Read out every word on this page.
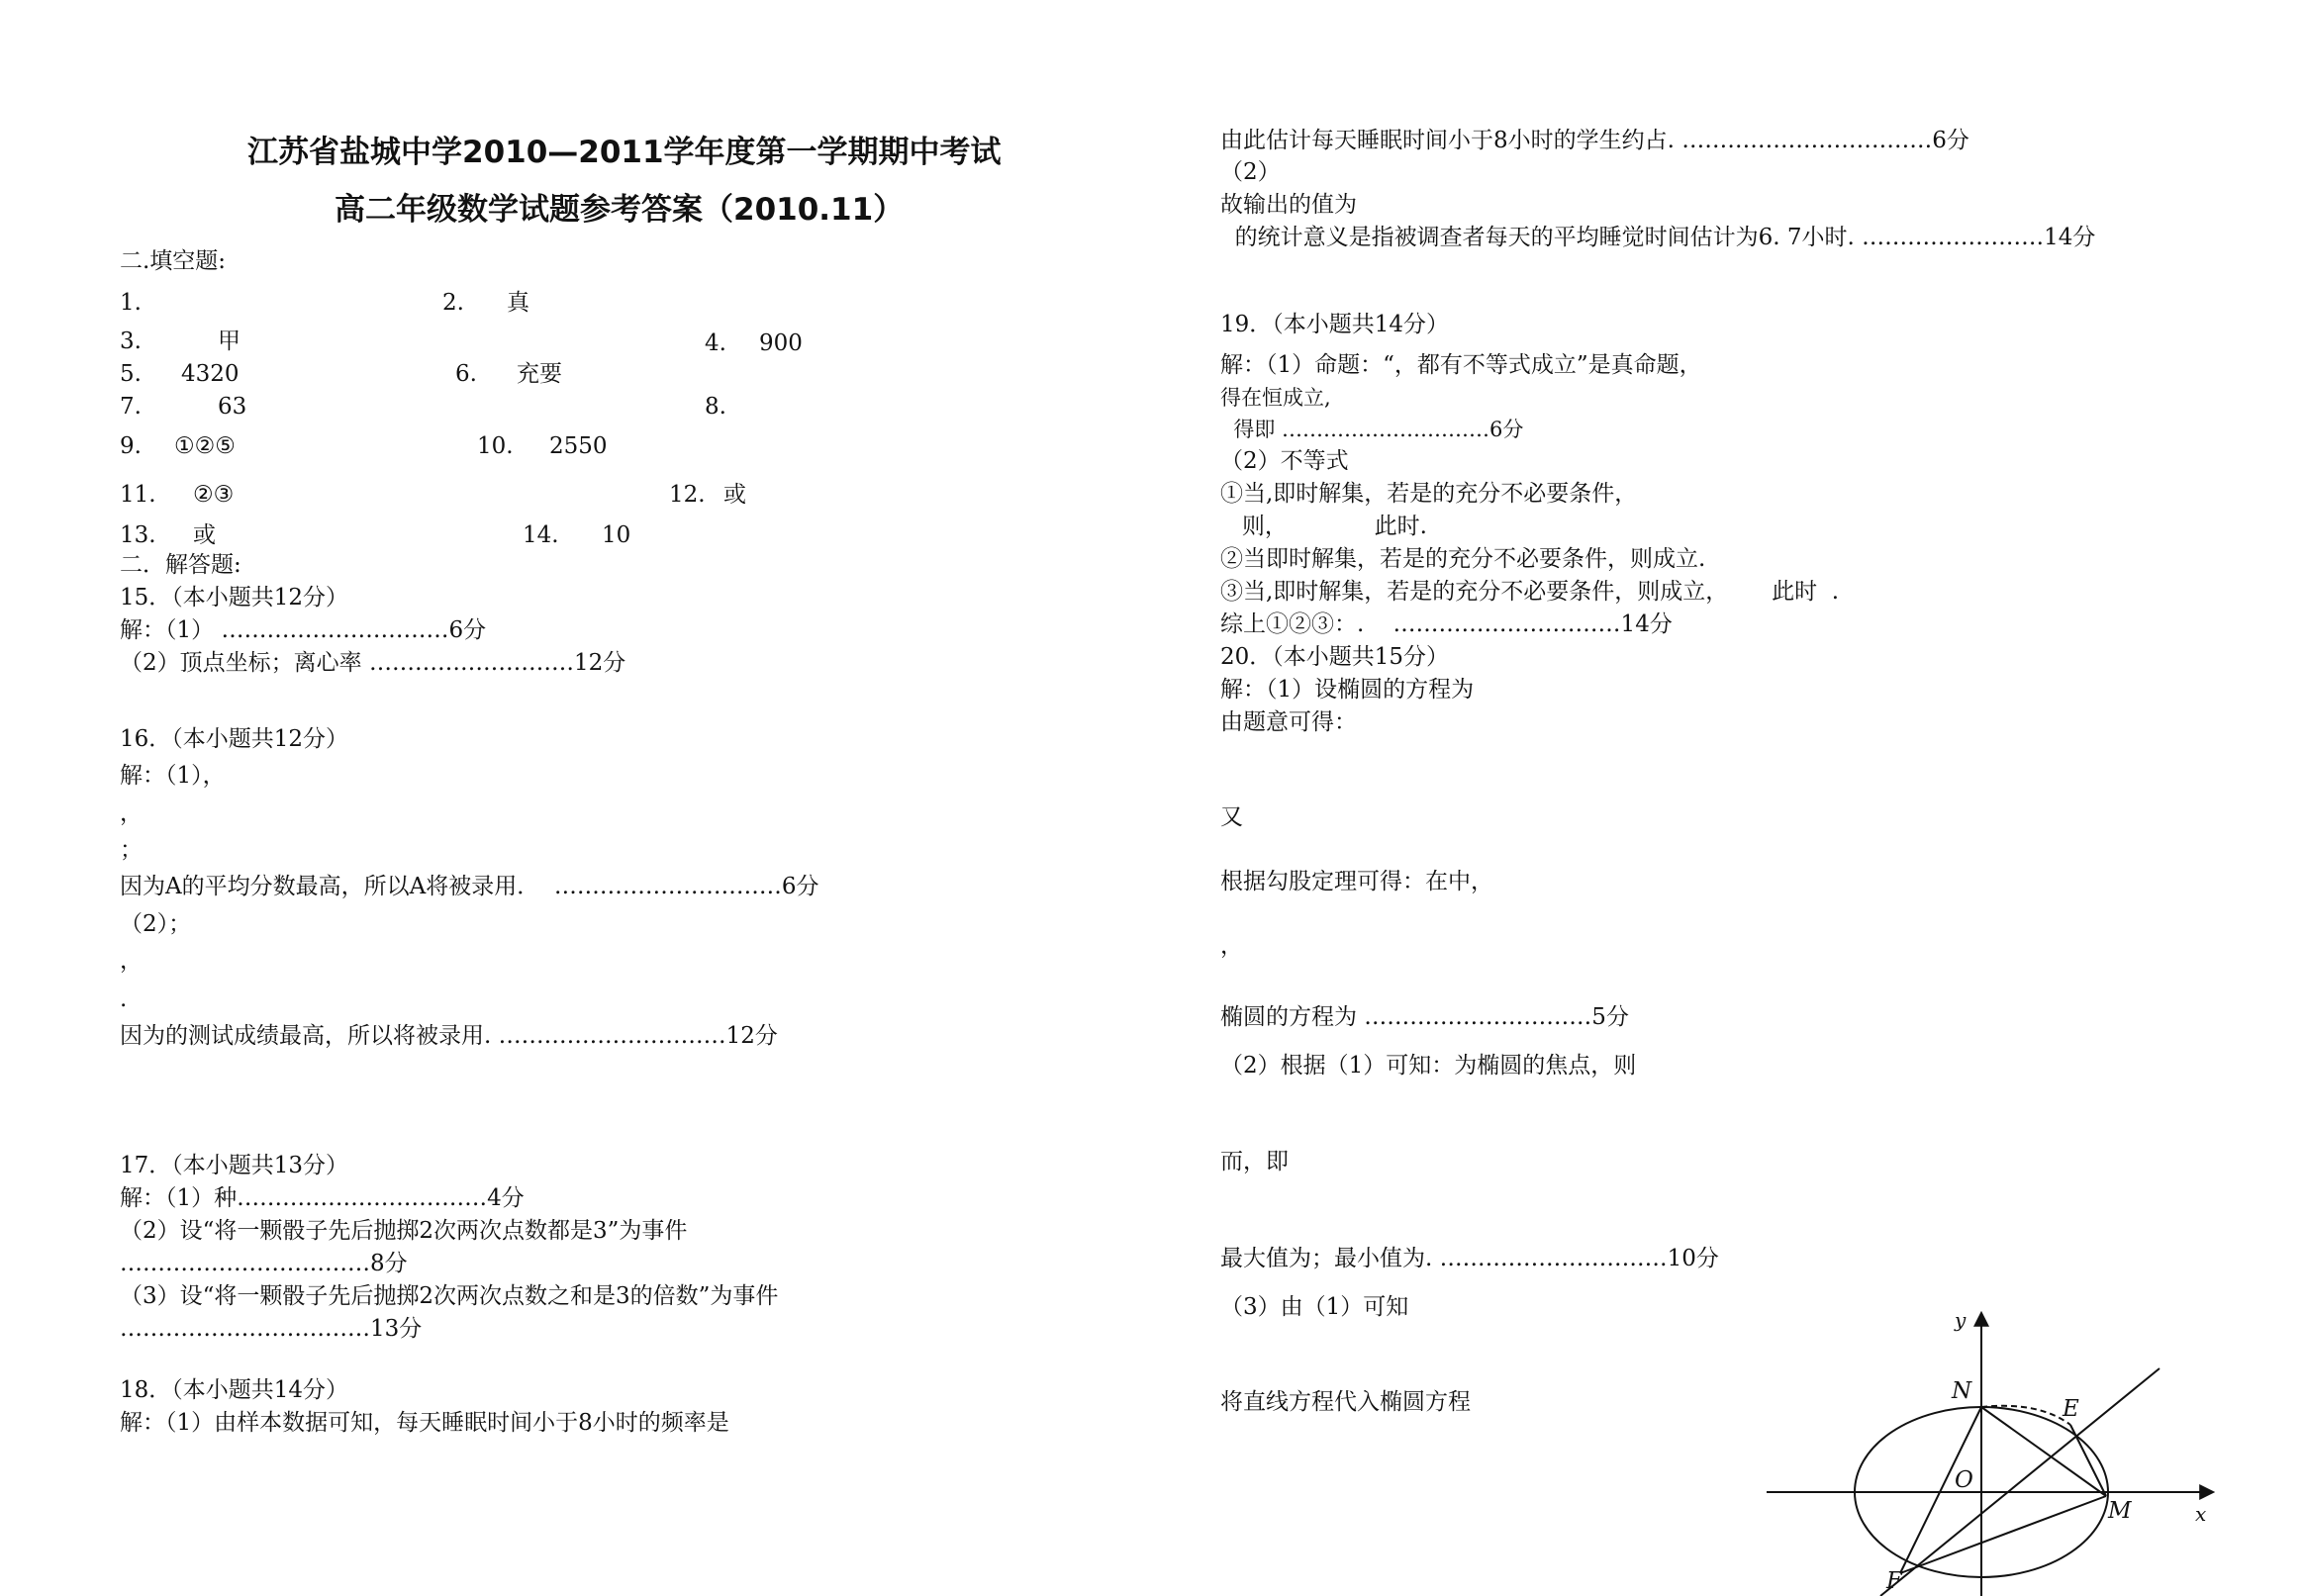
江苏省盐城中学2010—2011学年度第一学期期中考试
高二年级数学试题参考答案（2010.11）
二.填空题:
1.	2. 真
3.	甲	4. 900
5. 4320	6. 充要
7.	63	8.
9. ①②⑤	10. 2550
11. ②③	12. 或
13. 或	14. 10
二．解答题:
15．（本小题共12分）
解：（1） …………………………6分
（2）顶点坐标；离心率 ………………………12分
16．（本小题共12分）
解：（1），
，
；
因为A的平均分数最高，所以A将被录用．  …………………………6分
（2）；
，
.
因为的测试成绩最高，所以将被录用. …………………………12分
17．（本小题共13分）
解：（1）种……………………………4分
（2）设“将一颗骰子先后抛掷2次两次点数都是3”为事件
……………………………8分
（3）设“将一颗骰子先后抛掷2次两次点数之和是3的倍数”为事件
……………………………13分
18．（本小题共14分）
解：（1）由样本数据可知，每天睡眠时间小于8小时的频率是
由此估计每天睡眠时间小于8小时的学生约占. ……………………………6分
（2）
故输出的值为
的统计意义是指被调查者每天的平均睡觉时间估计为6. 7小时. ……………………14分
19．（本小题共14分）
解：（1）命题：“，都有不等式成立”是真命题，
得在恒成立,
得即 …………………………6分
（2）不等式
①当,即时解集，若是的充分不必要条件，
则，            此时.
②当即时解集，若是的充分不必要条件，则成立.
③当,即时解集，若是的充分不必要条件，则成立，      此时  .
综上①②③：.    …………………………14分
20．（本小题共15分）
解：（1）设椭圆的方程为
由题意可得：
又
根据勾股定理可得：在中，
，
椭圆的方程为 …………………………5分
（2）根据（1）可知：为椭圆的焦点，则
而，即
最大值为；最小值为. …………………………10分
（3）由（1）可知
将直线方程代入椭圆方程
y
N
E
O
M	x
F
